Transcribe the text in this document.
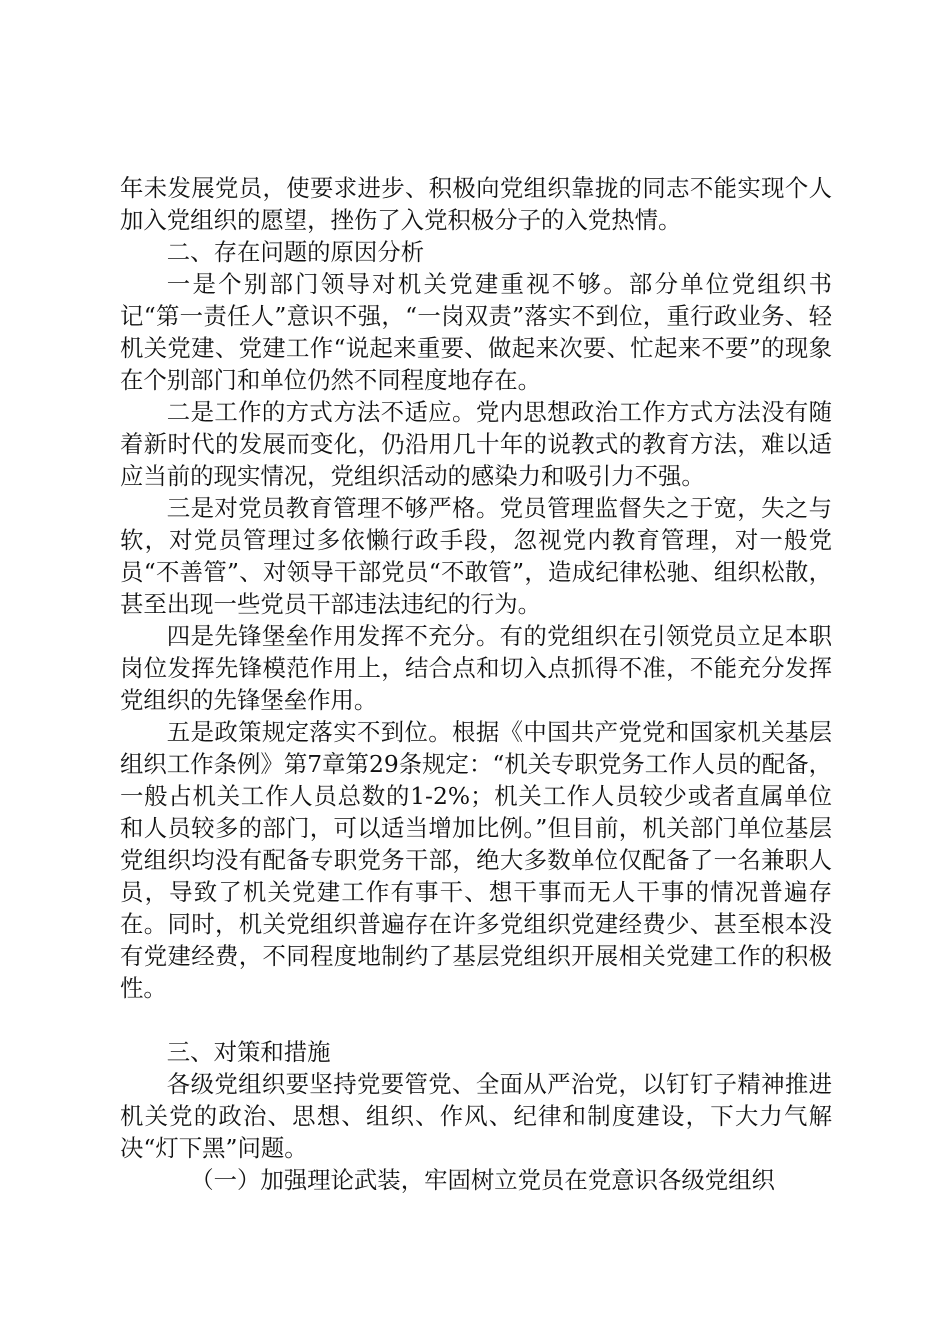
年未发展党员，使要求进步、积极向党组织靠拢的同志不能实现个人加入党组织的愿望，挫伤了入党积极分子的入党热情。

二、存在问题的原因分析

一是个别部门领导对机关党建重视不够。部分单位党组织书记“第一责任人”意识不强，“一岗双责”落实不到位，重行政业务、轻机关党建、党建工作“说起来重要、做起来次要、忙起来不要”的现象在个别部门和单位仍然不同程度地存在。

二是工作的方式方法不适应。党内思想政治工作方式方法没有随着新时代的发展而变化，仍沿用几十年的说教式的教育方法，难以适应当前的现实情况，党组织活动的感染力和吸引力不强。

三是对党员教育管理不够严格。党员管理监督失之于宽，失之与软，对党员管理过多依懒行政手段，忽视党内教育管理，对一般党员“不善管”、对领导干部党员“不敢管”，造成纪律松驰、组织松散，甚至出现一些党员干部违法违纪的行为。

四是先锋堡垒作用发挥不充分。有的党组织在引领党员立足本职岗位发挥先锋模范作用上，结合点和切入点抓得不准，不能充分发挥党组织的先锋堡垒作用。

五是政策规定落实不到位。根据《中国共产党党和国家机关基层组织工作条例》第7章第29条规定：“机关专职党务工作人员的配备，一般占机关工作人员总数的1-2%；机关工作人员较少或者直属单位和人员较多的部门，可以适当增加比例。”但目前，机关部门单位基层党组织均没有配备专职党务干部，绝大多数单位仅配备了一名兼职人员，导致了机关党建工作有事干、想干事而无人干事的情况普遍存在。同时，机关党组织普遍存在许多党组织党建经费少、甚至根本没有党建经费，不同程度地制约了基层党组织开展相关党建工作的积极性。

三、对策和措施

各级党组织要坚持党要管党、全面从严治党，以钉钉子精神推进机关党的政治、思想、组织、作风、纪律和制度建设，下大力气解决“灯下黑”问题。

（一）加强理论武装，牢固树立党员在党意识各级党组织
